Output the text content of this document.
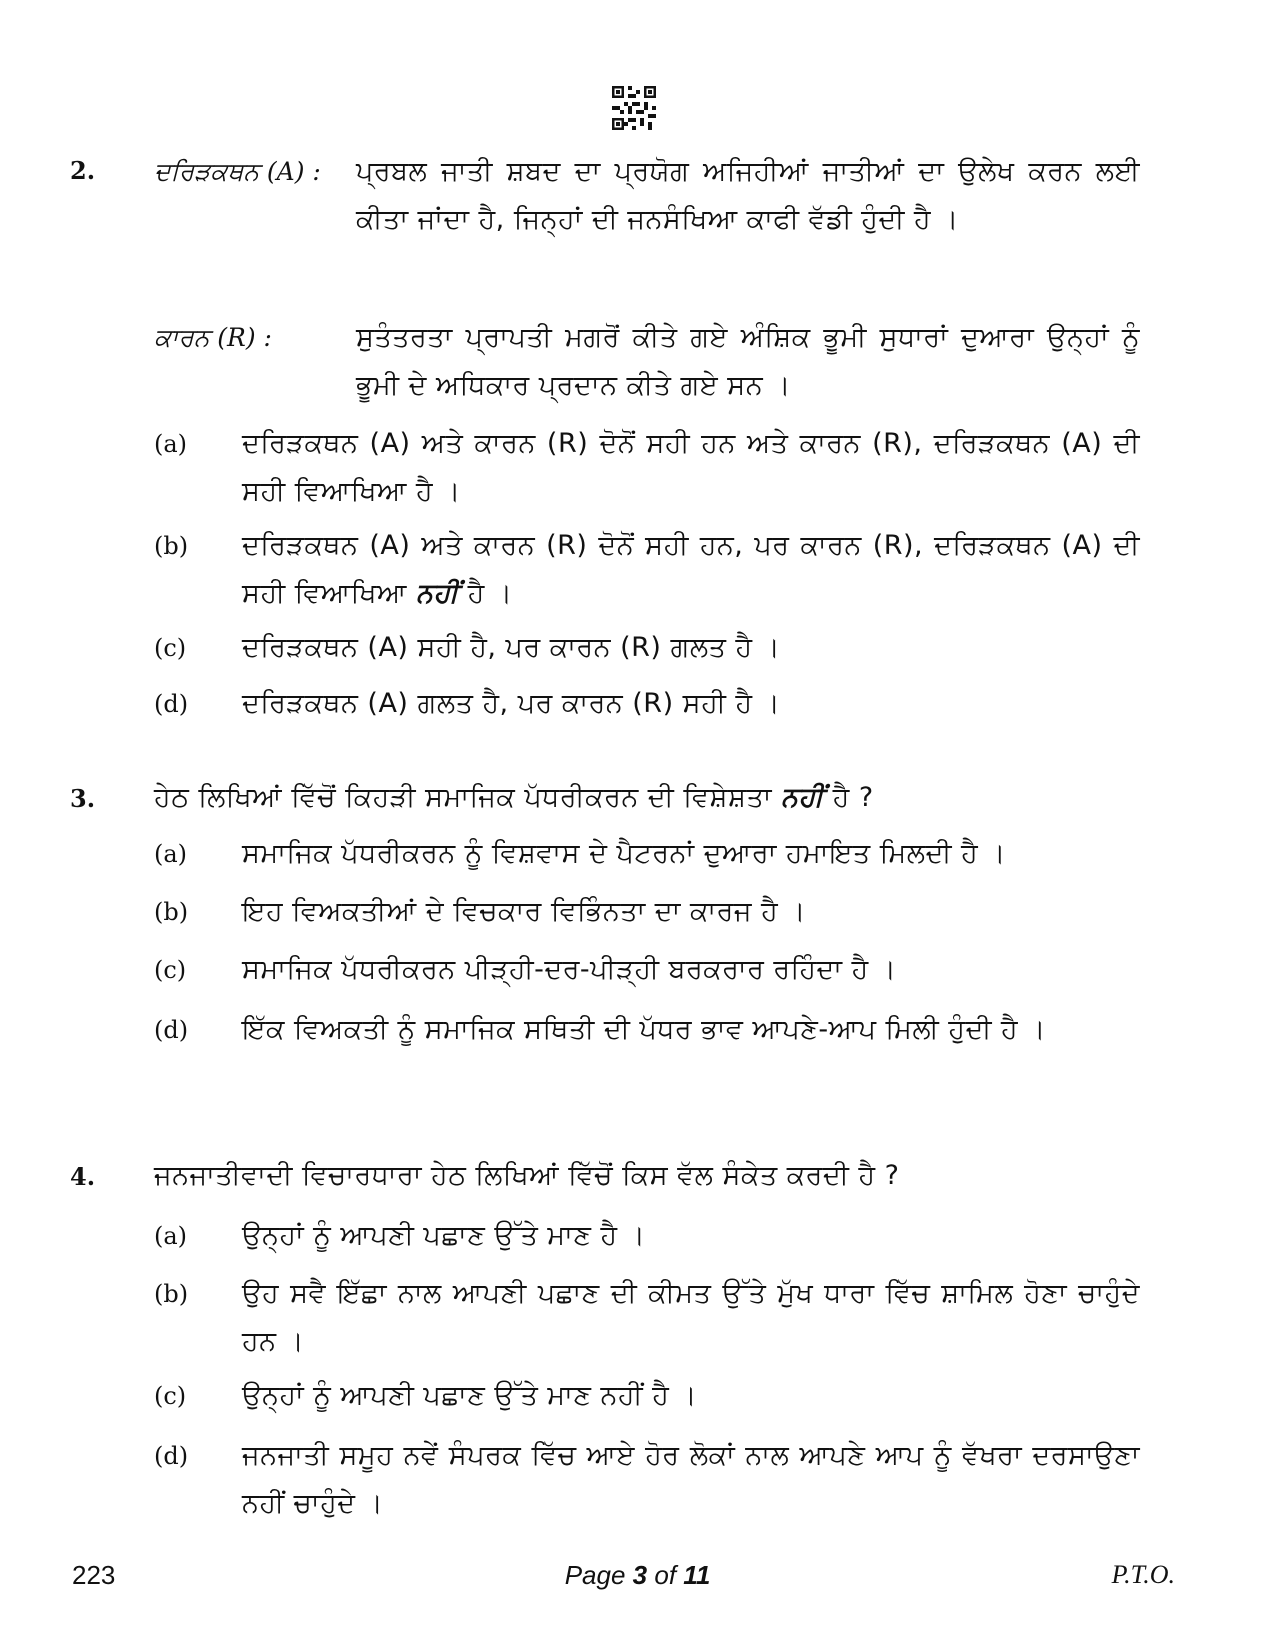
2. ਦਰਿੜਕਥਨ (A) : ਪ੍ਰਬਲ ਜਾਤੀ ਸ਼ਬਦ ਦਾ ਪ੍ਰਯੋਗ ਅਜਿਹੀਆਂ ਜਾਤੀਆਂ ਦਾ ਉਲੇਖ ਕਰਨ ਲਈ ਕੀਤਾ ਜਾਂਦਾ ਹੈ, ਜਿਨ੍ਹਾਂ ਦੀ ਜਨਸੰਖਿਆ ਕਾਫੀ ਵੱਡੀ ਹੁੰਦੀ ਹੈ ।
ਕਾਰਨ (R) :	ਸੁਤੰਤਰਤਾ ਪ੍ਰਾਪਤੀ ਮਗਰੋਂ ਕੀਤੇ ਗਏ ਅੰਸ਼ਿਕ ਭੂਮੀ ਸੁਧਾਰਾਂ ਦੁਆਰਾ ਉਨ੍ਹਾਂ ਨੂੰ ਭੂਮੀ ਦੇ ਅਧਿਕਾਰ ਪ੍ਰਦਾਨ ਕੀਤੇ ਗਏ ਸਨ ।
(a) ਦਰਿੜਕਥਨ (A) ਅਤੇ ਕਾਰਨ (R) ਦੋਨੋਂ ਸਹੀ ਹਨ ਅਤੇ ਕਾਰਨ (R), ਦਰਿੜਕਥਨ (A) ਦੀ ਸਹੀ ਵਿਆਖਿਆ ਹੈ ।
(b) ਦਰਿੜਕਥਨ (A) ਅਤੇ ਕਾਰਨ (R) ਦੋਨੋਂ ਸਹੀ ਹਨ, ਪਰ ਕਾਰਨ (R), ਦਰਿੜਕਥਨ (A) ਦੀ ਸਹੀ ਵਿਆਖਿਆ ਨਹੀਂ ਹੈ ।
(c) ਦਰਿੜਕਥਨ (A) ਸਹੀ ਹੈ, ਪਰ ਕਾਰਨ (R) ਗਲਤ ਹੈ ।
(d) ਦਰਿੜਕਥਨ (A) ਗਲਤ ਹੈ, ਪਰ ਕਾਰਨ (R) ਸਹੀ ਹੈ ।
3. ਹੇਠ ਲਿਖਿਆਂ ਵਿੱਚੋਂ ਕਿਹੜੀ ਸਮਾਜਿਕ ਪੱਧਰੀਕਰਨ ਦੀ ਵਿਸ਼ੇਸ਼ਤਾ ਨਹੀਂ ਹੈ ?
(a) ਸਮਾਜਿਕ ਪੱਧਰੀਕਰਨ ਨੂੰ ਵਿਸ਼ਵਾਸ ਦੇ ਪੈਟਰਨਾਂ ਦੁਆਰਾ ਹਮਾਇਤ ਮਿਲਦੀ ਹੈ ।
(b) ਇਹ ਵਿਅਕਤੀਆਂ ਦੇ ਵਿਚਕਾਰ ਵਿਭਿੰਨਤਾ ਦਾ ਕਾਰਜ ਹੈ ।
(c) ਸਮਾਜਿਕ ਪੱਧਰੀਕਰਨ ਪੀੜ੍ਹੀ-ਦਰ-ਪੀੜ੍ਹੀ ਬਰਕਰਾਰ ਰਹਿੰਦਾ ਹੈ ।
(d) ਇੱਕ ਵਿਅਕਤੀ ਨੂੰ ਸਮਾਜਿਕ ਸਥਿਤੀ ਦੀ ਪੱਧਰ ਭਾਵ ਆਪਣੇ-ਆਪ ਮਿਲੀ ਹੁੰਦੀ ਹੈ ।
4. ਜਨਜਾਤੀਵਾਦੀ ਵਿਚਾਰਧਾਰਾ ਹੇਠ ਲਿਖਿਆਂ ਵਿੱਚੋਂ ਕਿਸ ਵੱਲ ਸੰਕੇਤ ਕਰਦੀ ਹੈ ?
(a) ਉਨ੍ਹਾਂ ਨੂੰ ਆਪਣੀ ਪਛਾਣ ਉੱਤੇ ਮਾਣ ਹੈ ।
(b) ਉਹ ਸਵੈ ਇੱਛਾ ਨਾਲ ਆਪਣੀ ਪਛਾਣ ਦੀ ਕੀਮਤ ਉੱਤੇ ਮੁੱਖ ਧਾਰਾ ਵਿੱਚ ਸ਼ਾਮਿਲ ਹੋਣਾ ਚਾਹੁੰਦੇ ਹਨ ।
(c) ਉਨ੍ਹਾਂ ਨੂੰ ਆਪਣੀ ਪਛਾਣ ਉੱਤੇ ਮਾਣ ਨਹੀਂ ਹੈ ।
(d) ਜਨਜਾਤੀ ਸਮੂਹ ਨਵੇਂ ਸੰਪਰਕ ਵਿੱਚ ਆਏ ਹੋਰ ਲੋਕਾਂ ਨਾਲ ਆਪਣੇ ਆਪ ਨੂੰ ਵੱਖਰਾ ਦਰਸਾਉਣਾ ਨਹੀਂ ਚਾਹੁੰਦੇ ।
223	Page 3 of 11	P.T.O.
